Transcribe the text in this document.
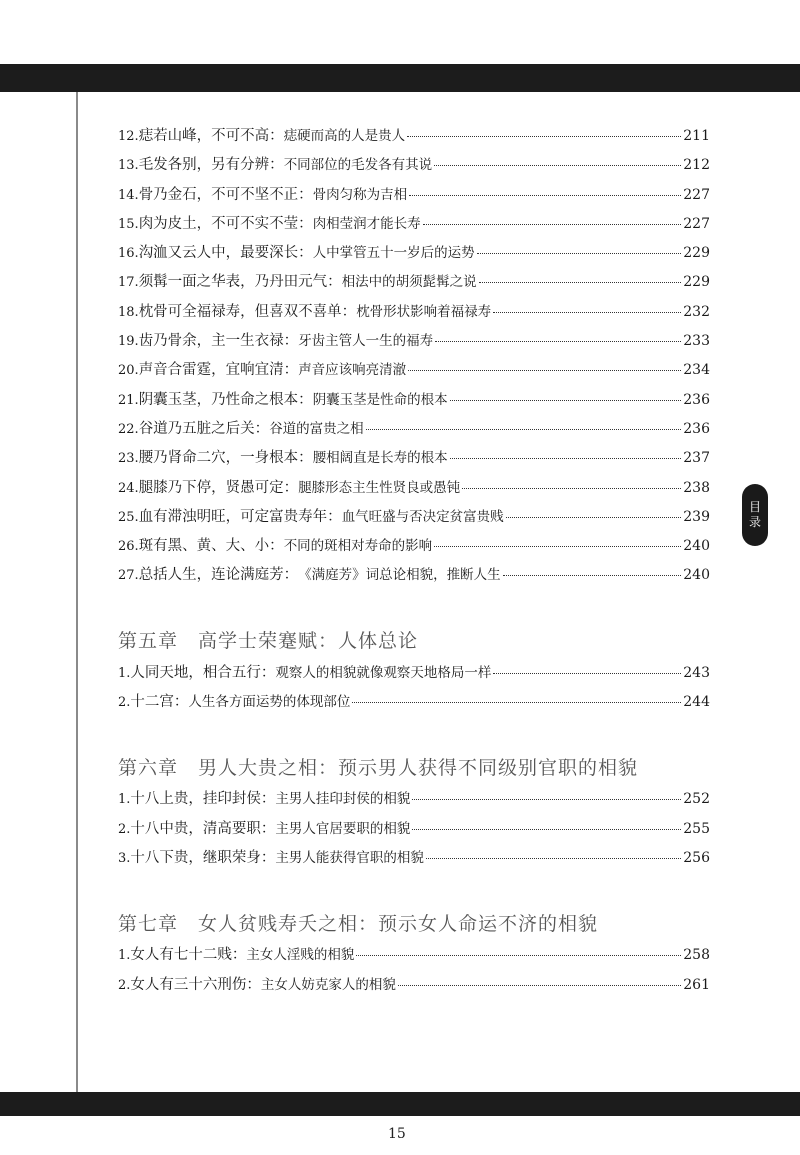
12. 痣若山峰，不可不高： 痣硬而高的人是贵人	211
13. 毛发各别，另有分辨： 不同部位的毛发各有其说	212
14. 骨乃金石，不可不坚不正： 骨肉匀称为吉相	227
15. 肉为皮土，不可不实不莹： 肉相莹润才能长寿	227
16. 沟洫又云人中，最要深长： 人中掌管五十一岁后的运势	229
17. 须髯一面之华表，乃丹田元气： 相法中的胡须髭髯之说	229
18. 枕骨可全福禄寿，但喜双不喜单： 枕骨形状影响着福禄寿	232
19. 齿乃骨余，主一生衣禄： 牙齿主管人一生的福寿	233
20. 声音合雷霆，宜响宜清： 声音应该响亮清澈	234
21. 阴囊玉茎，乃性命之根本： 阴囊玉茎是性命的根本	236
22. 谷道乃五脏之后关： 谷道的富贵之相	236
23. 腰乃肾命二穴，一身根本： 腰相阔直是长寿的根本	237
24. 腿膝乃下停，贤愚可定： 腿膝形态主生性贤良或愚钝	238
25. 血有滞浊明旺，可定富贵寿年： 血气旺盛与否决定贫富贵贱	239
26. 斑有黑、黄、大、小： 不同的斑相对寿命的影响	240
27. 总括人生，连论满庭芳： 《满庭芳》词总论相貌，推断人生	240
第五章　高学士荣蹇赋：人体总论
1. 人同天地，相合五行： 观察人的相貌就像观察天地格局一样	243
2. 十二宫： 人生各方面运势的体现部位	244
第六章　男人大贵之相：预示男人获得不同级别官职的相貌
1. 十八上贵，挂印封侯： 主男人挂印封侯的相貌	252
2. 十八中贵，清高要职： 主男人官居要职的相貌	255
3. 十八下贵，继职荣身： 主男人能获得官职的相貌	256
第七章　女人贫贱寿夭之相：预示女人命运不济的相貌
1. 女人有七十二贱： 主女人淫贱的相貌	258
2. 女人有三十六刑伤： 主女人妨克家人的相貌	261
目
录
15
